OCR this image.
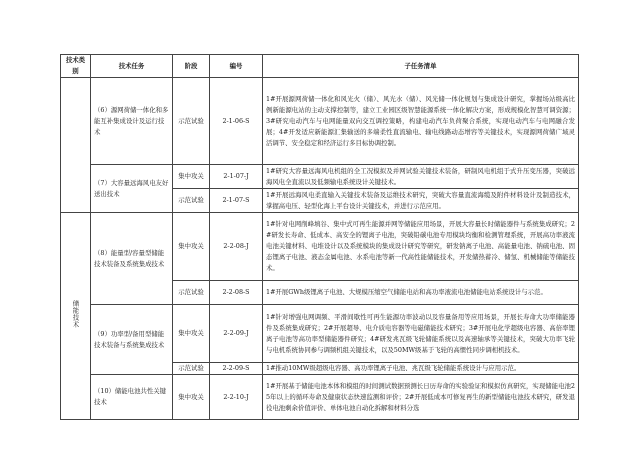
技术类别	技术任务	阶段	编号	子任务清单
	（6）源网荷储一体化和多能互补集成设计及运行技术	示范试验	2-1-06-S	1#开展源网荷储一体化和风光火（储）、风光水（储）、风光储一体化规划与集成设计研究，掌握场站级高比例新能源电站的主动支撑控制等，建立工业园区级智慧能源系统一体化解决方案，形成规模化智慧可调资源；3#研究电动汽车与电网能量双向交互调控策略，构建电动汽车负荷聚合系统，实现电动汽车与电网融合发展；4#开发适应新能源汇集输送的多端柔性直流输电、输电线路动态增容等关键技术，实现源网荷储广域灵活调节、安全稳定和经济运行多目标协调控制。
	（7）大容量远海风电友好送出技术	集中攻关	2-1-07-J	1#研究大容量远海风电机组的全工况模拟及并网试验关键技术装备，研制风电机组于式升压变压器，突破远海风电全直流以及低频输电系统设计关键技术。
		示范试验	2-1-07-S	1#开展远海风电柔直输入关键技术装备及运维技术研究，突破大容量直流海缆及附件材料设计及制造技术，掌握高电压、轻型化海上平台设计关键技术，并进行示范应用。
储能技术	（8）能量型/容量型储能技术装备及系统集成技术	集中攻关	2-2-08-J	1#针对电网削峰填谷、集中式可再生能源并网等储能应用场景，开展大容量长时储能器件与系统集成研究；2#研发长寿命、低成本、高安全的锂离子电池，突破铅碳电池专用模块均衡和检测管理系统，开展高功率液流电池关键材料、电堆设计以及系统模块的集成设计研究等研究，研发钠离子电池、高能量电池、钠硫电池、固态锂离子电池、液态金属电池、水系电池等新一代高性能储能技术，开发储热蓄冷、储氢、机械储能等储能技术。
		示范试验	2-2-08-S	1#开展GWh级锂离子电池、大规模压缩空气储能电站和高功率液流电池储能电站系统设计与示范。
	（9）功率型/备用型储能技术装备与系统集成技术	集中攻关	2-2-09-J	1#针对增强电网调频、平滑间歇性可再生能源功率波动以及容量备用等应用场景，开展长寿命大功率储能器件及系统集成研究；2#开展超导、电介质电容器等电磁储能技术研究；3#开展电化学超级电容器、高倍率锂离子电池等高功率型储能器件研究；4#研发兆瓦级飞轮储能系统以及高速轴承等关键技术，突破大功率飞轮与电机系统协同参与调频机组关键技术，以及50MW级基于飞轮的高惯性同步调相机技术。
		示范试验	2-2-09-S	1#推动10MW级超级电容器、高功率锂离子电池、兆瓦级飞轮储能系统设计与应用示范。
	（10）储能电池共性关键技术	集中攻关	2-2-10-J	1#开展基于储能电池本体和模组的时间测试数据预测长日历寿命的实验验证和模拟仿真研究，实现储能电池25年以上的循环寿命及健康状态快速监测和评价；2#开展低成本可修复再生的新型储能电池技术研究，研发退役电池剩余价值评价、单体电池自动化拆解和材料分选
